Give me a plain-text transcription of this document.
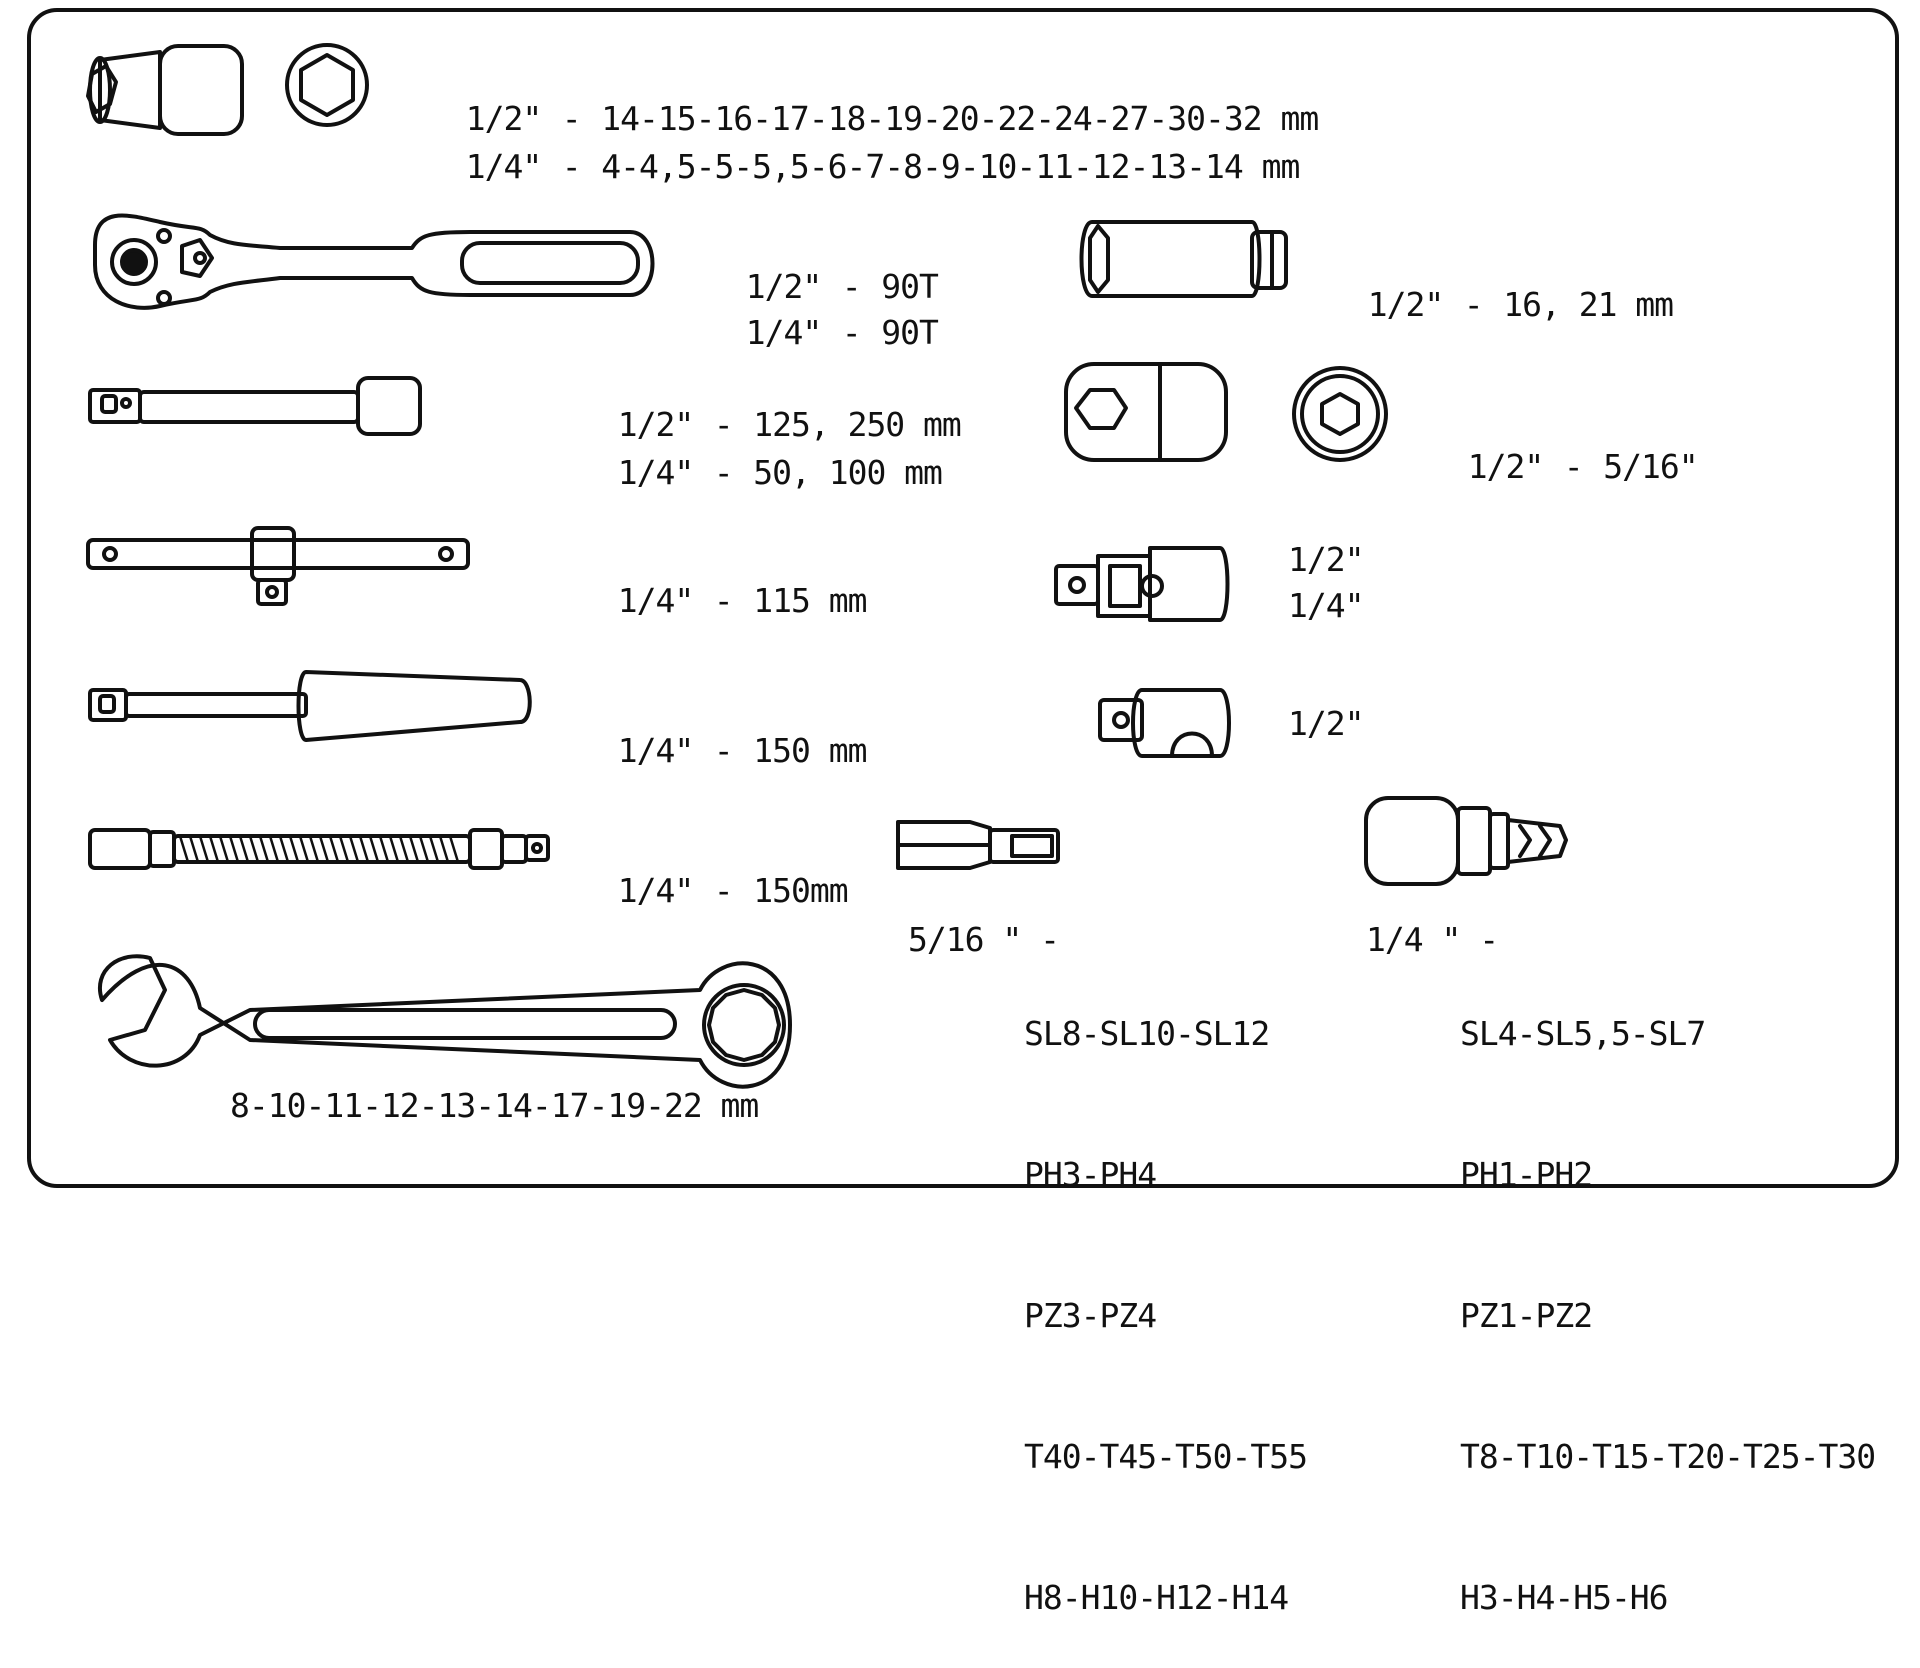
1/2" - 14-15-16-17-18-19-20-22-24-27-30-32 mm

1/4" - 4-4,5-5-5,5-6-7-8-9-10-11-12-13-14 mm

1/2" - 90T

1/4" - 90T

1/2" - 125, 250 mm

1/4" - 50, 100 mm

1/4" - 115 mm

1/4" - 150 mm

1/4" - 150mm

8-10-11-12-13-14-17-19-22 mm

1/2" - 16, 21 mm

1/2" - 5/16"

1/2"
1/4"
1/2"
5/16 " -

SL8-SL10-SL12

PH3-PH4

PZ3-PZ4

T40-T45-T50-T55

H8-H10-H12-H14

1/4 " -

SL4-SL5,5-SL7

PH1-PH2

PZ1-PZ2

T8-T10-T15-T20-T25-T30

H3-H4-H5-H6
